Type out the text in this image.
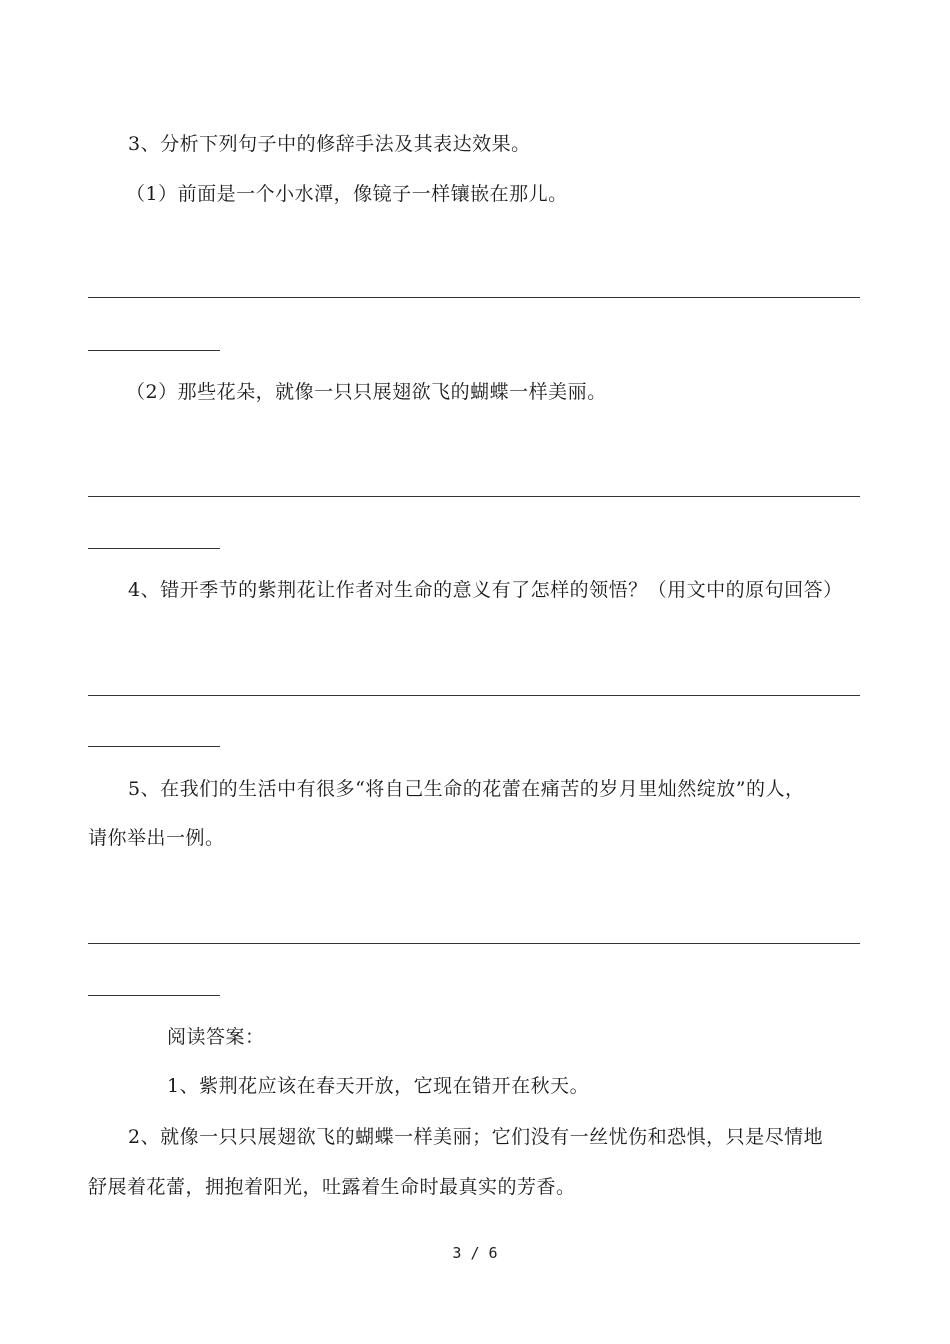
3、分析下列句子中的修辞手法及其表达效果。
（1）前面是一个小水潭，像镜子一样镶嵌在那儿。
（2）那些花朵，就像一只只展翅欲飞的蝴蝶一样美丽。
4、错开季节的紫荆花让作者对生命的意义有了怎样的领悟？（用文中的原句回答）
5、在我们的生活中有很多“将自己生命的花蕾在痛苦的岁月里灿然绽放”的人，
请你举出一例。
阅读答案：
1、紫荆花应该在春天开放，它现在错开在秋天。
2、就像一只只展翅欲飞的蝴蝶一样美丽；它们没有一丝忧伤和恐惧，只是尽情地
舒展着花蕾，拥抱着阳光，吐露着生命时最真实的芳香。
3 / 6
